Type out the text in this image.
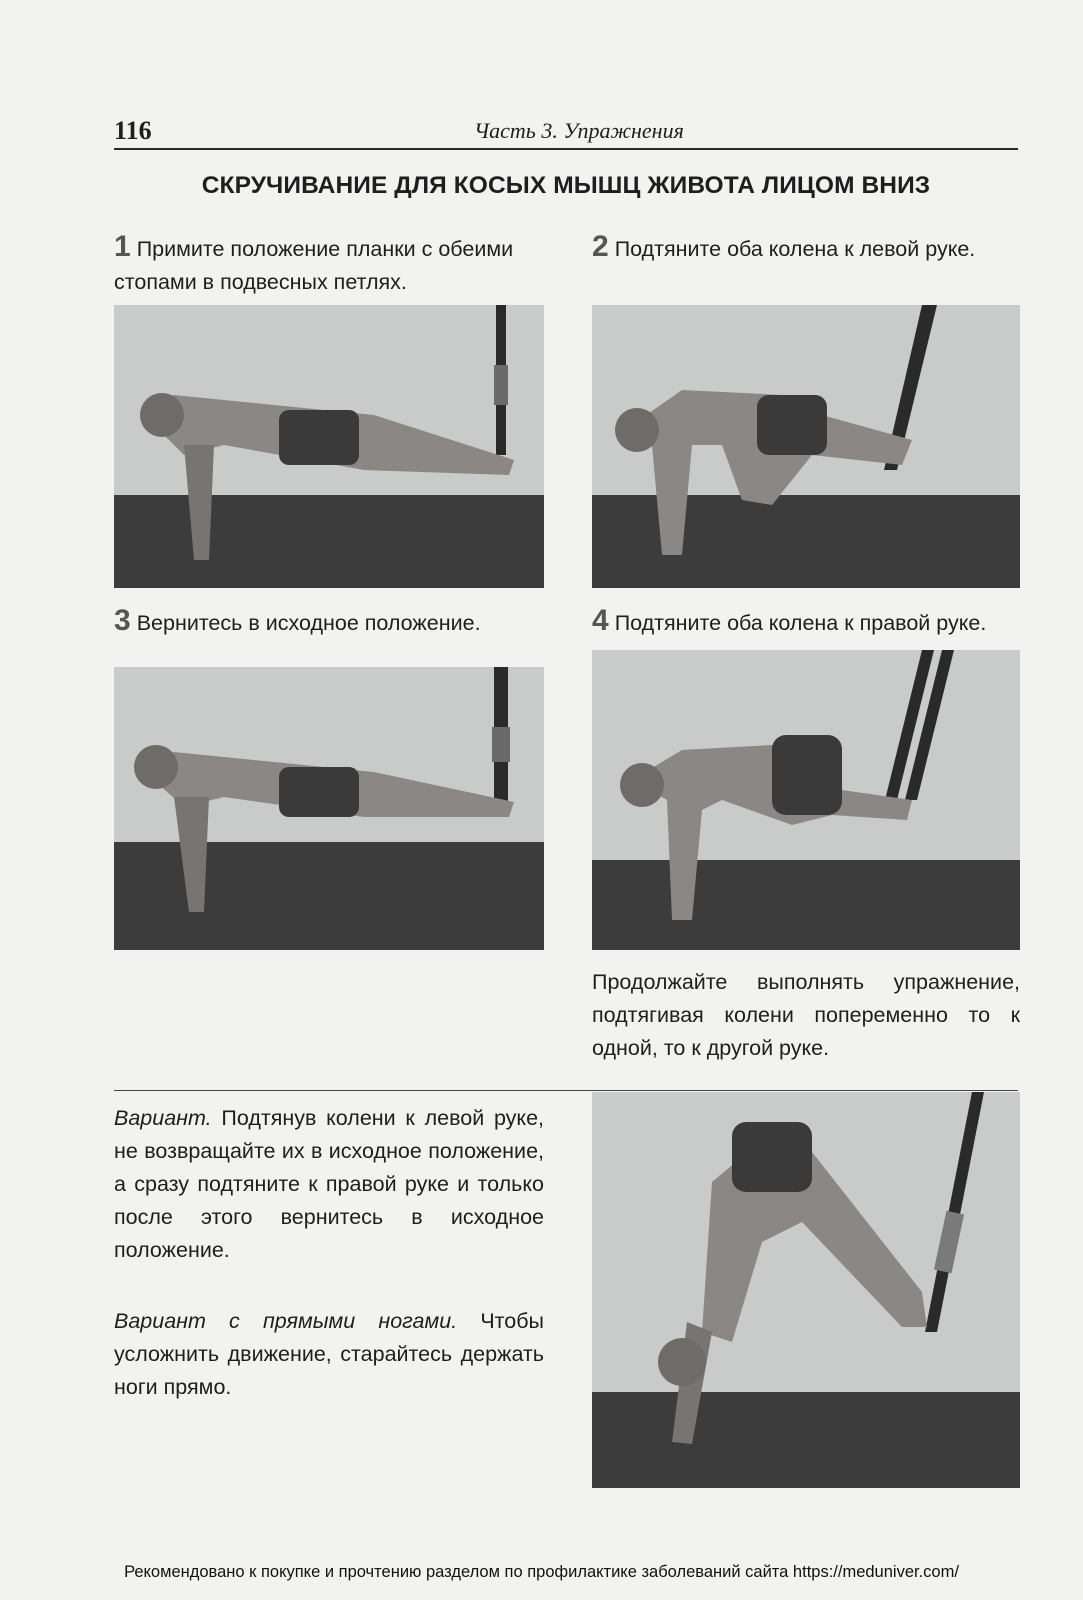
116	Часть 3. Упражнения
СКРУЧИВАНИЕ ДЛЯ КОСЫХ МЫШЦ ЖИВОТА ЛИЦОМ ВНИЗ
1 Примите положение планки с обеими стопами в подвесных петлях.
2 Подтяните оба колена к левой руке.
3 Вернитесь в исходное положение.	4 Подтяните оба колена к правой руке.
Продолжайте выполнять упражнение, подтягивая колени попеременно то к одной, то к другой руке.
Вариант. Подтянув колени к левой руке, не возвращайте их в исходное положение, а сразу подтяните к правой руке и только после этого вернитесь в исходное положение.
Вариант с прямыми ногами. Чтобы усложнить движение, старайтесь держать ноги прямо.
Рекомендовано к покупке и прочтению разделом по профилактике заболеваний сайта https://meduniver.com/
